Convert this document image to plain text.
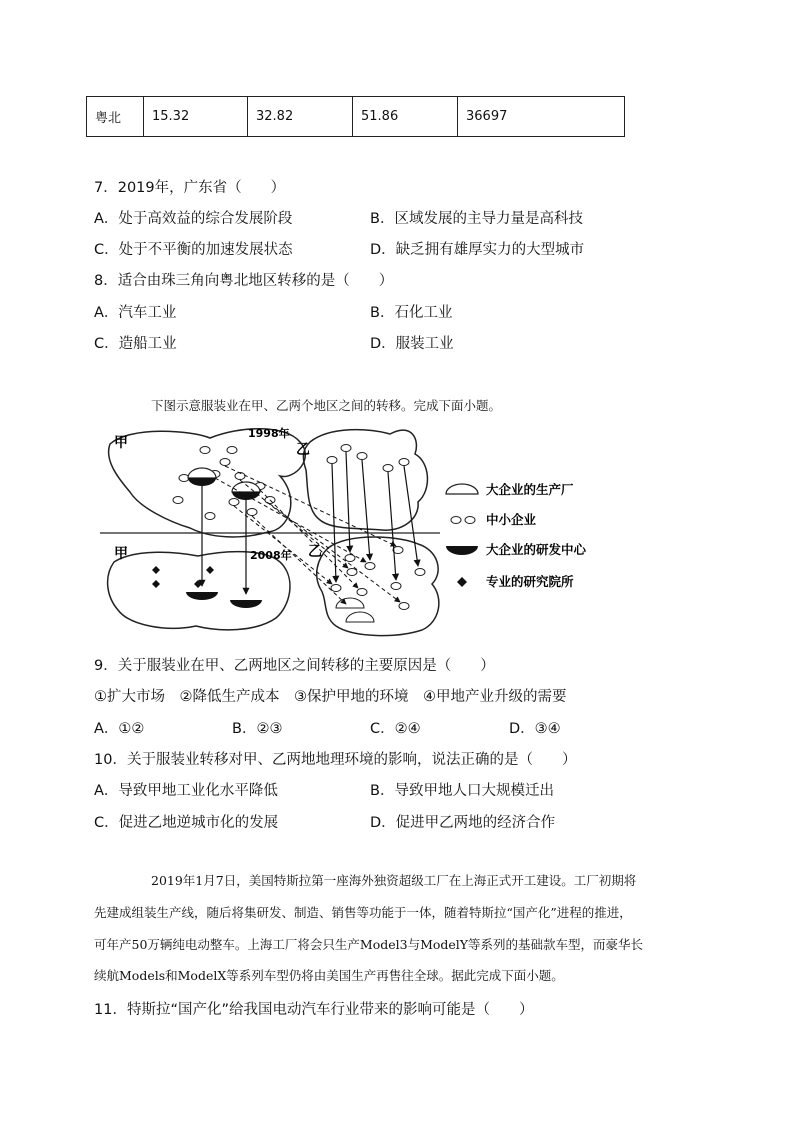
粤北	15.32	32.82	51.86	36697
7．2019年，广东省（　　）
A．处于高效益的综合发展阶段	B．区域发展的主导力量是高科技
C．处于不平衡的加速发展状态	D．缺乏拥有雄厚实力的大型城市
8．适合由珠三角向粤北地区转移的是（　　）
A．汽车工业	B．石化工业
C．造船工业	D．服装工业
下图示意服装业在甲、乙两个地区之间的转移。完成下面小题。
甲
甲
乙
乙
1998年
2008年
大企业的生产厂
中小企业
大企业的研发中心
专业的研究院所
9．关于服装业在甲、乙两地区之间转移的主要原因是（　　）
①扩大市场　②降低生产成本　③保护甲地的环境　④甲地产业升级的需要
A．①②	B．②③	C．②④	D．③④
10．关于服装业转移对甲、乙两地地理环境的影响，说法正确的是（　　）
A．导致甲地工业化水平降低	B．导致甲地人口大规模迁出
C．促进乙地逆城市化的发展	D．促进甲乙两地的经济合作
2019年1月7日，美国特斯拉第一座海外独资超级工厂在上海正式开工建设。工厂初期将
先建成组装生产线，随后将集研发、制造、销售等功能于一体，随着特斯拉“国产化”进程的推进，
可年产50万辆纯电动整车。上海工厂将会只生产Model3与ModelY等系列的基础款车型，而豪华长
续航Models和ModelX等系列车型仍将由美国生产再售往全球。据此完成下面小题。
11．特斯拉“国产化”给我国电动汽车行业带来的影响可能是（　　）
